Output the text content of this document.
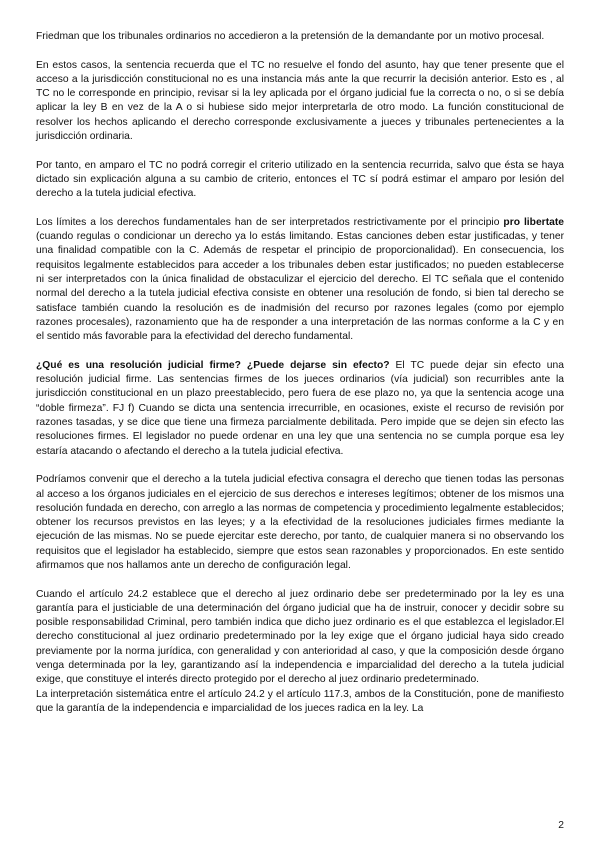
Friedman que los tribunales ordinarios no accedieron a la pretensión de la demandante por un motivo procesal.

En estos casos, la sentencia recuerda que el TC no resuelve el fondo del asunto, hay que tener presente que el acceso a la jurisdicción constitucional no es una instancia más ante la que recurrir la decisión anterior. Esto es , al TC no le corresponde en principio, revisar si la ley aplicada por el órgano judicial fue la correcta o no, o si se debía aplicar la ley B en vez de la A o si hubiese sido mejor interpretarla de otro modo. La función constitucional de resolver los hechos aplicando el derecho corresponde exclusivamente a jueces y tribunales pertenecientes a la jurisdicción ordinaria.

Por tanto, en amparo el TC no podrá corregir el criterio utilizado en la sentencia recurrida, salvo que ésta se haya dictado sin explicación alguna a su cambio de criterio, entonces el TC sí podrá estimar el amparo por lesión del derecho a la tutela judicial efectiva.

Los límites a los derechos fundamentales han de ser interpretados restrictivamente por el principio pro libertate (cuando regulas o condicionar un derecho ya lo estás limitando. Estas canciones deben estar justificadas, y tener una finalidad compatible con la C. Además de respetar el principio de proporcionalidad). En consecuencia, los requisitos legalmente establecidos para acceder a los tribunales deben estar justificados; no pueden establecerse ni ser interpretados con la única finalidad de obstaculizar el ejercicio del derecho. El TC señala que el contenido normal del derecho a la tutela judicial efectiva consiste en obtener una resolución de fondo, si bien tal derecho se satisface también cuando la resolución es de inadmisión del recurso por razones legales (como por ejemplo razones procesales), razonamiento que ha de responder a una interpretación de las normas conforme a la C y en el sentido más favorable para la efectividad del derecho fundamental.

¿Qué es una resolución judicial firme? ¿Puede dejarse sin efecto? El TC puede dejar sin efecto una resolución judicial firme. Las sentencias firmes de los jueces ordinarios (vía judicial) son recurribles ante la jurisdicción constitucional en un plazo preestablecido, pero fuera de ese plazo no, ya que la sentencia acoge una “doble firmeza”. FJ f) Cuando se dicta una sentencia irrecurrible, en ocasiones, existe el recurso de revisión por razones tasadas, y se dice que tiene una firmeza parcialmente debilitada. Pero impide que se dejen sin efecto las resoluciones firmes. El legislador no puede ordenar en una ley que una sentencia no se cumpla porque esa ley estaría atacando o afectando el derecho a la tutela judicial efectiva.

Podríamos convenir que el derecho a la tutela judicial efectiva consagra el derecho que tienen todas las personas al acceso a los órganos judiciales en el ejercicio de sus derechos e intereses legítimos; obtener de los mismos una resolución fundada en derecho, con arreglo a las normas de competencia y procedimiento legalmente establecidos; obtener los recursos previstos en las leyes; y a la efectividad de la resoluciones judiciales firmes mediante la ejecución de las mismas. No se puede ejercitar este derecho, por tanto, de cualquier manera si no observando los requisitos que el legislador ha establecido, siempre que estos sean razonables y proporcionados. En este sentido afirmamos que nos hallamos ante un derecho de configuración legal.

Cuando el artículo 24.2 establece que el derecho al juez ordinario debe ser predeterminado por la ley es una garantía para el justiciable de una determinación del órgano judicial que ha de instruir, conocer y decidir sobre su posible responsabilidad Criminal, pero también indica que dicho juez ordinario es el que establezca el legislador.El derecho constitucional al juez ordinario predeterminado por la ley exige que el órgano judicial haya sido creado previamente por la norma jurídica, con generalidad y con anterioridad al caso, y que la composición desde órgano venga determinada por la ley, garantizando así la independencia e imparcialidad del derecho a la tutela judicial exige, que constituye el interés directo protegido por el derecho al juez ordinario predeterminado.

La interpretación sistemática entre el artículo 24.2 y el artículo 117.3, ambos de la Constitución, pone de manifiesto que la garantía de la independencia e imparcialidad de los jueces radica en la ley. La

2
